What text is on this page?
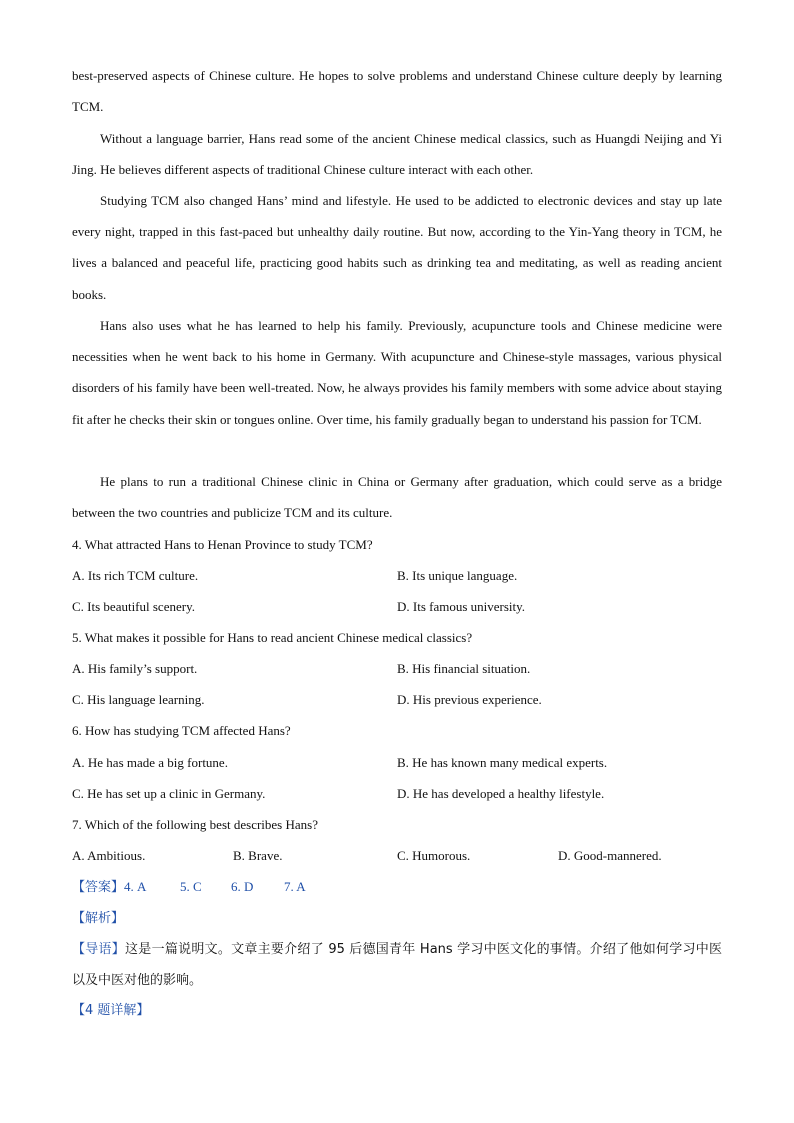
best-preserved aspects of Chinese culture. He hopes to solve problems and understand Chinese culture deeply by learning TCM.

Without a language barrier, Hans read some of the ancient Chinese medical classics, such as Huangdi Neijing and Yi Jing. He believes different aspects of traditional Chinese culture interact with each other.

Studying TCM also changed Hans’ mind and lifestyle. He used to be addicted to electronic devices and stay up late every night, trapped in this fast-paced but unhealthy daily routine. But now, according to the Yin-Yang theory in TCM, he lives a balanced and peaceful life, practicing good habits such as drinking tea and meditating, as well as reading ancient books.

Hans also uses what he has learned to help his family. Previously, acupuncture tools and Chinese medicine were necessities when he went back to his home in Germany. With acupuncture and Chinese-style massages, various physical disorders of his family have been well-treated. Now, he always provides his family members with some advice about staying fit after he checks their skin or tongues online. Over time, his family gradually began to understand his passion for TCM.

He plans to run a traditional Chinese clinic in China or Germany after graduation, which could serve as a bridge between the two countries and publicize TCM and its culture.

4. What attracted Hans to Henan Province to study TCM?
A. Its rich TCM culture.	B. Its unique language.
C. Its beautiful scenery.	D. Its famous university.
5. What makes it possible for Hans to read ancient Chinese medical classics?
A. His family’s support.	B. His financial situation.
C. His language learning.	D. His previous experience.
6. How has studying TCM affected Hans?
A. He has made a big fortune.	B. He has known many medical experts.
C. He has set up a clinic in Germany.	D. He has developed a healthy lifestyle.
7. Which of the following best describes Hans?
A. Ambitious.	B. Brave.	C. Humorous.	D. Good-mannered.
【答案】4. A	5. C 6. D 7. A
【解析】

【导语】这是一篇说明文。文章主要介绍了 95 后德国青年 Hans 学习中医文化的事情。介绍了他如何学习中医以及中医对他的影响。

【4 题详解】
